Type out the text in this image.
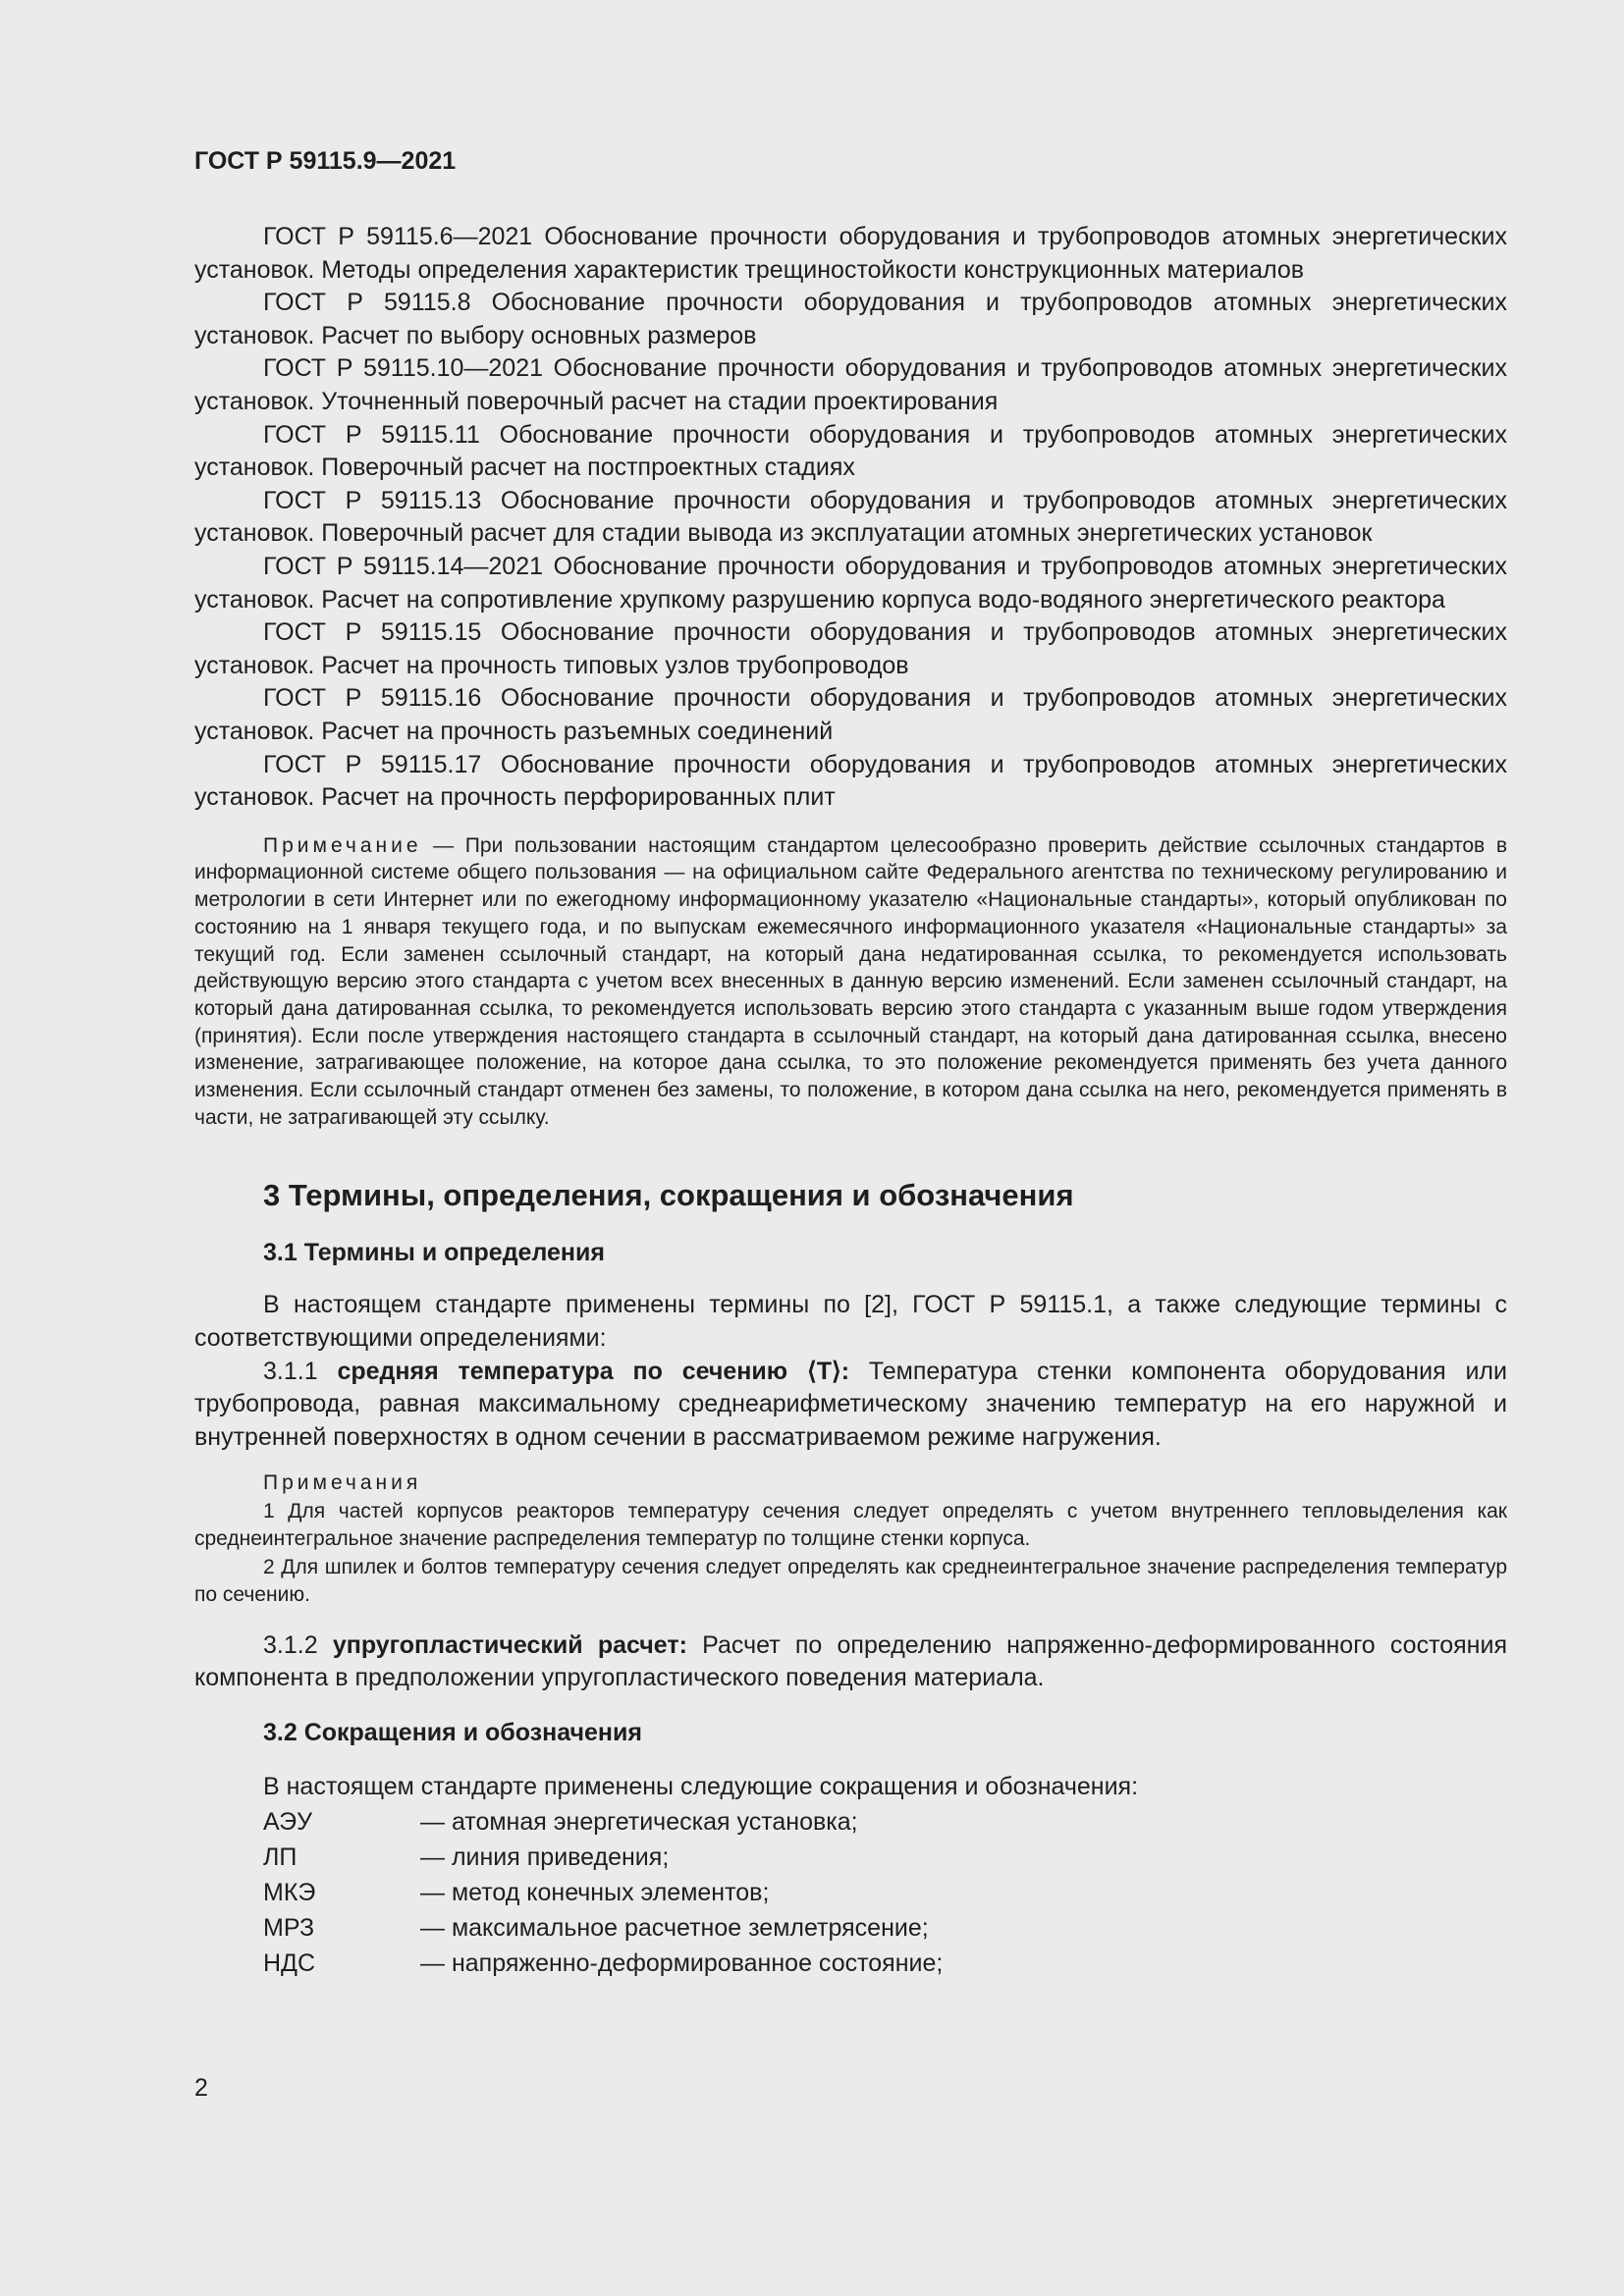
ГОСТ Р 59115.9—2021

ГОСТ Р 59115.6—2021 Обоснование прочности оборудования и трубопроводов атомных энергетических установок. Методы определения характеристик трещиностойкости конструкционных материалов

ГОСТ Р 59115.8 Обоснование прочности оборудования и трубопроводов атомных энергетических установок. Расчет по выбору основных размеров

ГОСТ Р 59115.10—2021 Обоснование прочности оборудования и трубопроводов атомных энергетических установок. Уточненный поверочный расчет на стадии проектирования

ГОСТ Р 59115.11 Обоснование прочности оборудования и трубопроводов атомных энергетических установок. Поверочный расчет на постпроектных стадиях

ГОСТ Р 59115.13 Обоснование прочности оборудования и трубопроводов атомных энергетических установок. Поверочный расчет для стадии вывода из эксплуатации атомных энергетических установок

ГОСТ Р 59115.14—2021 Обоснование прочности оборудования и трубопроводов атомных энергетических установок. Расчет на сопротивление хрупкому разрушению корпуса водо-водяного энергетического реактора

ГОСТ Р 59115.15 Обоснование прочности оборудования и трубопроводов атомных энергетических установок. Расчет на прочность типовых узлов трубопроводов

ГОСТ Р 59115.16 Обоснование прочности оборудования и трубопроводов атомных энергетических установок. Расчет на прочность разъемных соединений

ГОСТ Р 59115.17 Обоснование прочности оборудования и трубопроводов атомных энергетических установок. Расчет на прочность перфорированных плит

Примечание — При пользовании настоящим стандартом целесообразно проверить действие ссылочных стандартов в информационной системе общего пользования — на официальном сайте Федерального агентства по техническому регулированию и метрологии в сети Интернет или по ежегодному информационному указателю «Национальные стандарты», который опубликован по состоянию на 1 января текущего года, и по выпускам ежемесячного информационного указателя «Национальные стандарты» за текущий год. Если заменен ссылочный стандарт, на который дана недатированная ссылка, то рекомендуется использовать действующую версию этого стандарта с учетом всех внесенных в данную версию изменений. Если заменен ссылочный стандарт, на который дана датированная ссылка, то рекомендуется использовать версию этого стандарта с указанным выше годом утверждения (принятия). Если после утверждения настоящего стандарта в ссылочный стандарт, на который дана датированная ссылка, внесено изменение, затрагивающее положение, на которое дана ссылка, то это положение рекомендуется применять без учета данного изменения. Если ссылочный стандарт отменен без замены, то положение, в котором дана ссылка на него, рекомендуется применять в части, не затрагивающей эту ссылку.

3 Термины, определения, сокращения и обозначения
3.1 Термины и определения

В настоящем стандарте применены термины по [2], ГОСТ Р 59115.1, а также следующие термины с соответствующими определениями:

3.1.1 средняя температура по сечению ⟨T⟩: Температура стенки компонента оборудования или трубопровода, равная максимальному среднеарифметическому значению температур на его наружной и внутренней поверхностях в одном сечении в рассматриваемом режиме нагружения.

Примечания

1 Для частей корпусов реакторов температуру сечения следует определять с учетом внутреннего тепловыделения как среднеинтегральное значение распределения температур по толщине стенки корпуса.

2 Для шпилек и болтов температуру сечения следует определять как среднеинтегральное значение распределения температур по сечению.

3.1.2 упругопластический расчет: Расчет по определению напряженно-деформированного состояния компонента в предположении упругопластического поведения материала.

3.2 Сокращения и обозначения

В настоящем стандарте применены следующие сокращения и обозначения:

АЭУ	— атомная энергетическая установка;
ЛП	— линия приведения;
МКЭ	— метод конечных элементов;
МРЗ	— максимальное расчетное землетрясение;
НДС	— напряженно-деформированное состояние;
2
